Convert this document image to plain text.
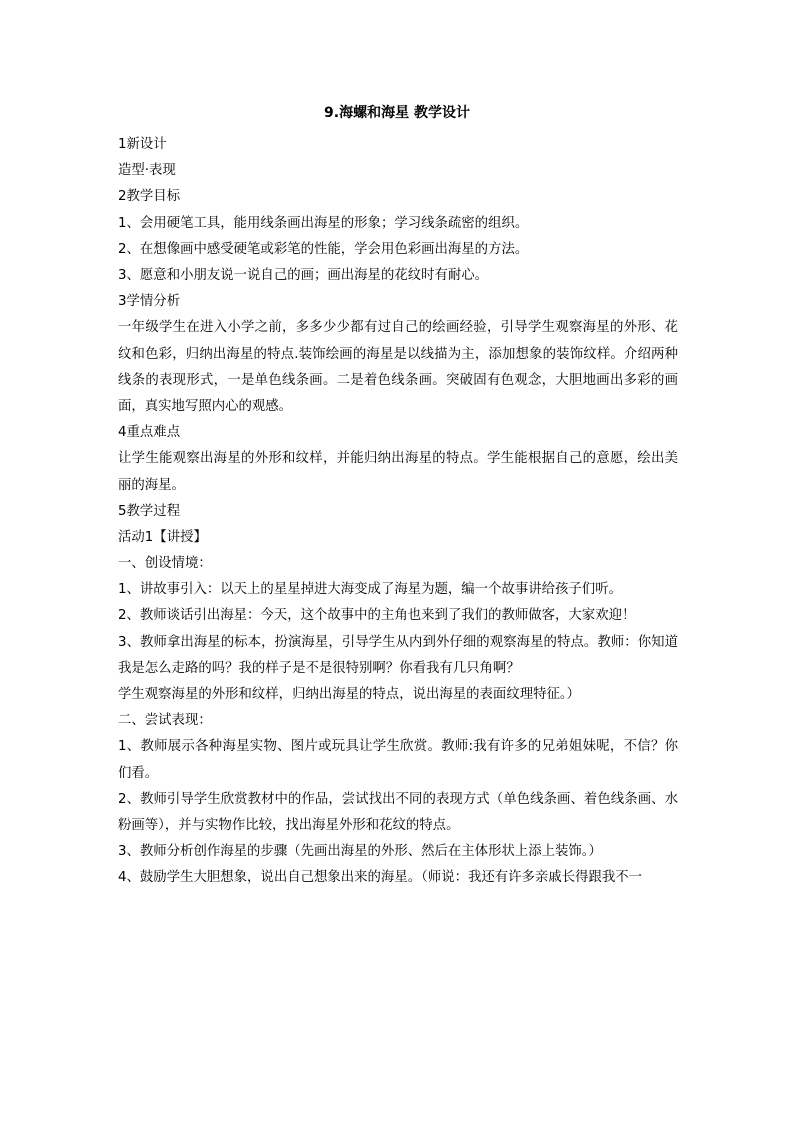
9.海螺和海星 教学设计
1新设计
造型·表现
2教学目标
1、会用硬笔工具，能用线条画出海星的形象；学习线条疏密的组织。
2、在想像画中感受硬笔或彩笔的性能，学会用色彩画出海星的方法。
3、愿意和小朋友说一说自己的画；画出海星的花纹时有耐心。
3学情分析
一年级学生在进入小学之前，多多少少都有过自己的绘画经验，引导学生观察海星的外形、花纹和色彩，归纳出海星的特点.装饰绘画的海星是以线描为主，添加想象的装饰纹样。介绍两种线条的表现形式，一是单色线条画。二是着色线条画。突破固有色观念，大胆地画出多彩的画面，真实地写照内心的观感。
4重点难点
让学生能观察出海星的外形和纹样，并能归纳出海星的特点。学生能根据自己的意愿，绘出美丽的海星。
5教学过程
活动1【讲授】
一、创设情境：
1、讲故事引入：以天上的星星掉进大海变成了海星为题，编一个故事讲给孩子们听。
2、教师谈话引出海星：今天，这个故事中的主角也来到了我们的教师做客，大家欢迎！
3、教师拿出海星的标本，扮演海星，引导学生从内到外仔细的观察海星的特点。教师：你知道我是怎么走路的吗？我的样子是不是很特别啊？你看我有几只角啊？
学生观察海星的外形和纹样，归纳出海星的特点，说出海星的表面纹理特征。）
二、尝试表现：
1、教师展示各种海星实物、图片或玩具让学生欣赏。教师:我有许多的兄弟姐妹呢，不信？你们看。
2、教师引导学生欣赏教材中的作品，尝试找出不同的表现方式（单色线条画、着色线条画、水粉画等），并与实物作比较，找出海星外形和花纹的特点。
3、教师分析创作海星的步骤（先画出海星的外形、然后在主体形状上添上装饰。）
4、鼓励学生大胆想象，说出自己想象出来的海星。（师说：我还有许多亲戚长得跟我不一
